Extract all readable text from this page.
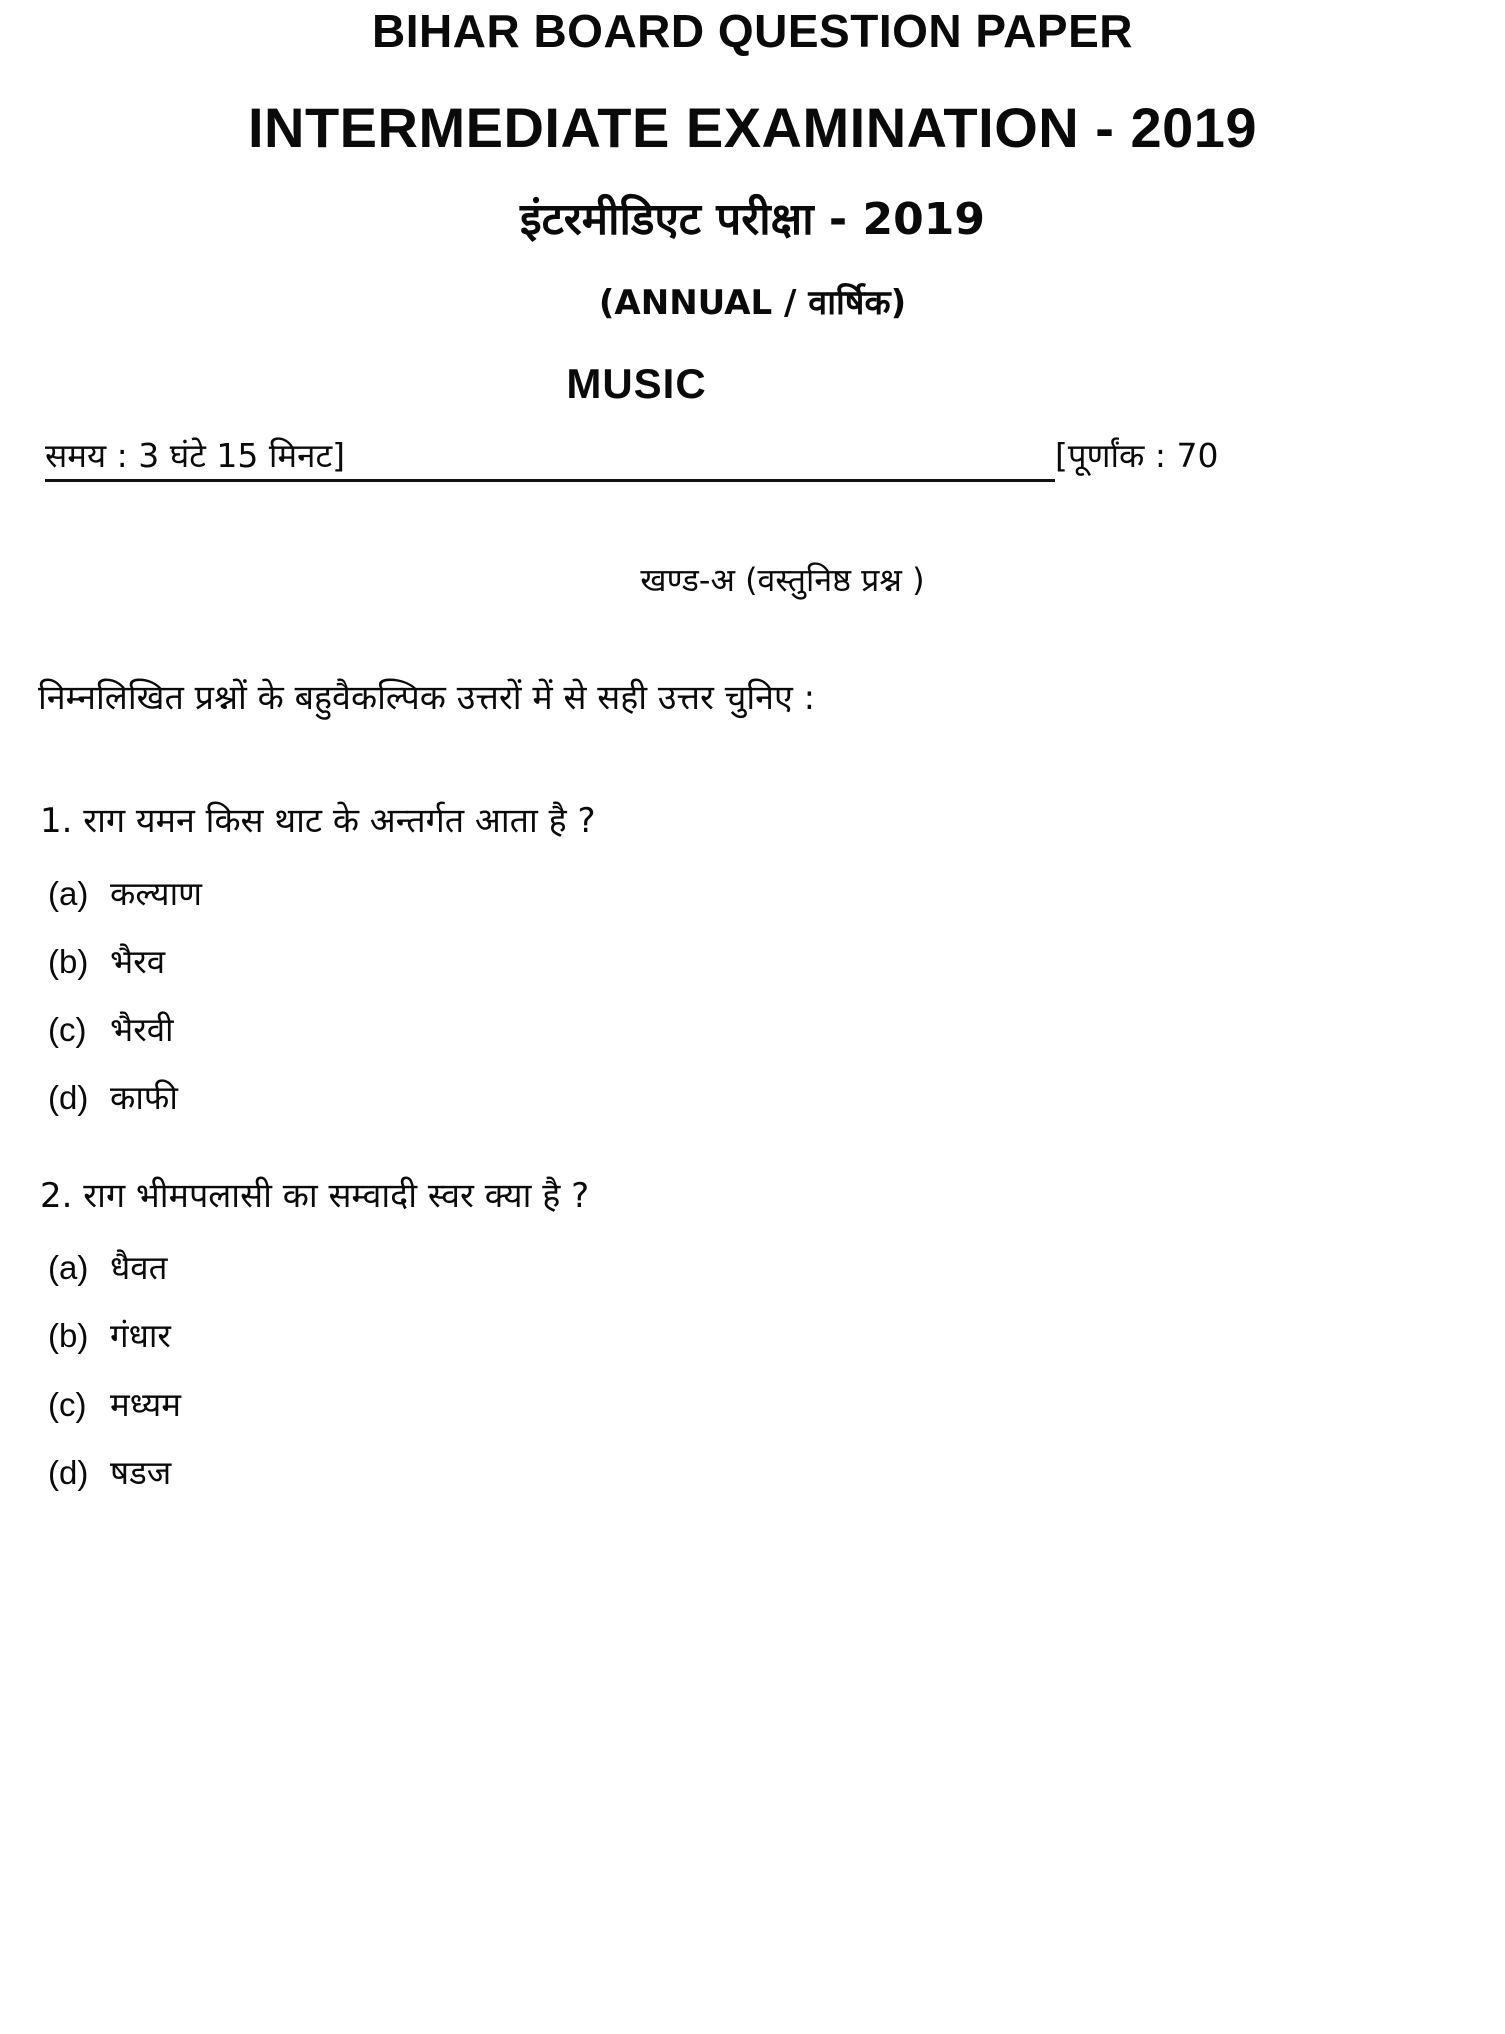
BIHAR BOARD QUESTION PAPER
INTERMEDIATE EXAMINATION - 2019
इंटरमीडिएट परीक्षा - 2019
(ANNUAL / वार्षिक)
MUSIC
समय : 3 घंटे 15 मिनट]	[पूर्णांक : 70
खण्ड-अ (वस्तुनिष्ठ प्रश्न )
निम्नलिखित प्रश्नों के बहुवैकल्पिक उत्तरों में से सही उत्तर चुनिए :
1. राग यमन किस थाट के अन्तर्गत आता है ?
(a) कल्याण
(b) भैरव
(c) भैरवी
(d) काफी
2. राग भीमपलासी का सम्वादी स्वर क्या है ?
(a) धैवत
(b) गंधार
(c) मध्यम
(d) षडज
